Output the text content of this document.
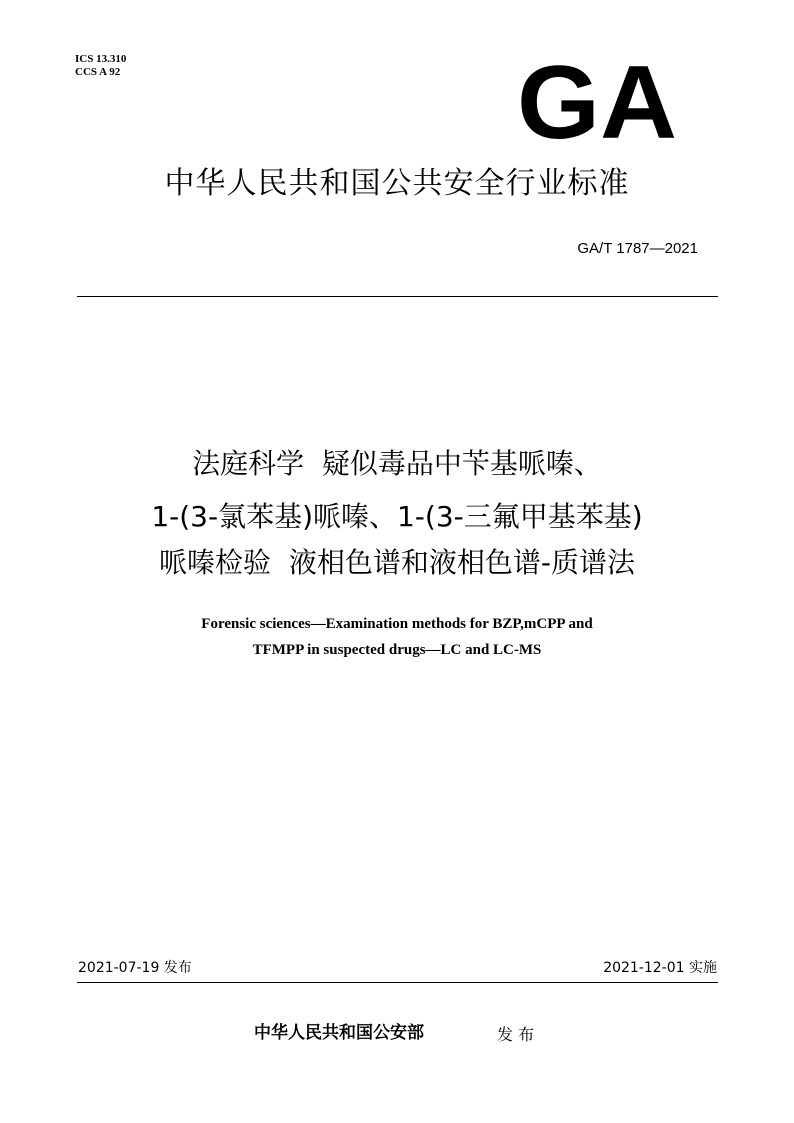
ICS 13.310
CCS A 92	GA
中华人民共和国公共安全行业标准
GA/T 1787—2021
法庭科学  疑似毒品中苄基哌嗪、
1-(3-氯苯基)哌嗪、1-(3-三氟甲基苯基)
哌嗪检验  液相色谱和液相色谱-质谱法
Forensic sciences—Examination methods for BZP,mCPP and
TFMPP in suspected drugs—LC and LC-MS
2021-07-19 发布	2021-12-01 实施
中华人民共和国公安部	发 布
